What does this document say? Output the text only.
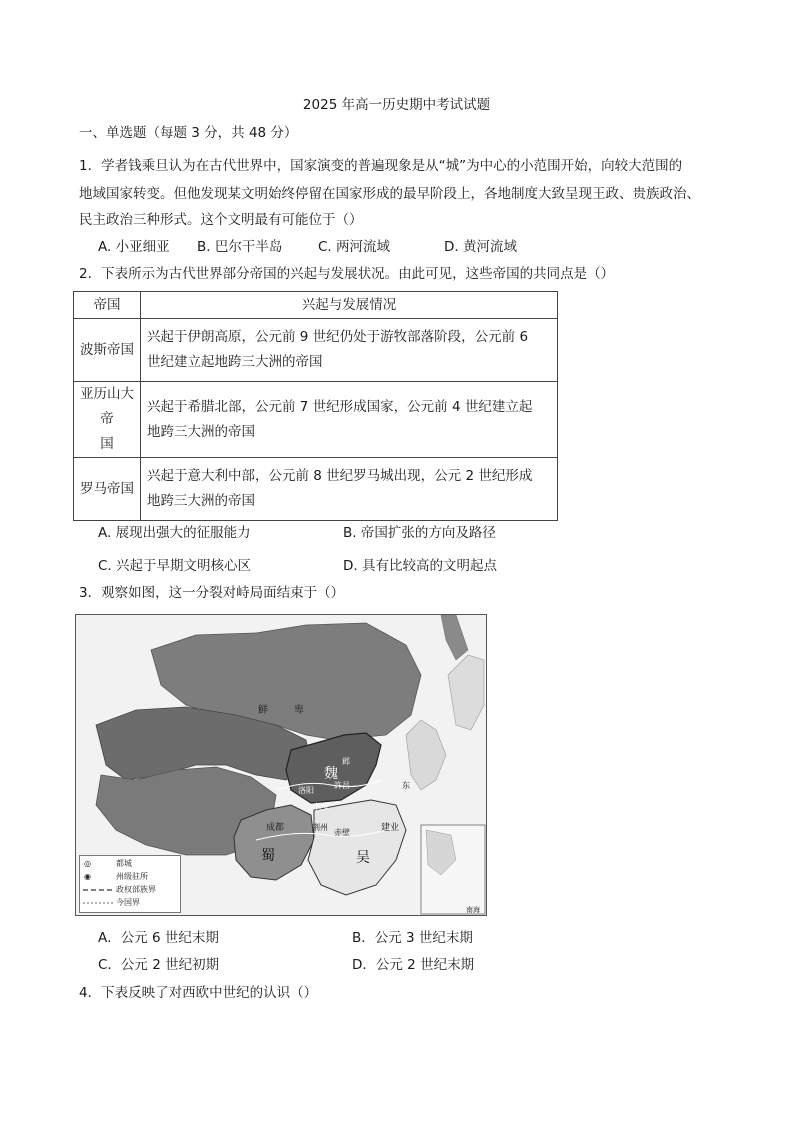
2025 年高一历史期中考试试题
一、单选题（每题 3 分，共 48 分）
1．学者钱乘旦认为在古代世界中，国家演变的普遍现象是从“城”为中心的小范围开始，向较大范围的
地域国家转变。但他发现某文明始终停留在国家形成的最早阶段上，各地制度大致呈现王政、贵族政治、
民主政治三种形式。这个文明最有可能位于（）
A. 小亚细亚 B. 巴尔干半岛	C. 两河流域	D. 黄河流域
2．下表所示为古代世界部分帝国的兴起与发展状况。由此可见，这些帝国的共同点是（）
帝国	兴起与发展情况
波斯帝国	兴起于伊朗高原，公元前 9 世纪仍处于游牧部落阶段，公元前 6
世纪建立起地跨三大洲的帝国
亚历山大帝
国	兴起于希腊北部，公元前 7 世纪形成国家，公元前 4 世纪建立起
地跨三大洲的帝国
罗马帝国	兴起于意大利中部，公元前 8 世纪罗马城出现，公元 2 世纪形成
地跨三大洲的帝国
A. 展现出强大的征服能力	B. 帝国扩张的方向及路径
C. 兴起于早期文明核心区	D. 具有比较高的文明起点
3．观察如图，这一分裂对峙局面结束于（）
鲜	卑
魏
邺
許昌
洛阳
长安
成都
蜀	吴
建业
荆州
赤壁
东
南海
◎	都城
◉	州级驻所
政权部族界
今国界
A．公元 6 世纪末期	B．公元 3 世纪末期
C．公元 2 世纪初期	D．公元 2 世纪末期
4．下表反映了对西欧中世纪的认识（）
